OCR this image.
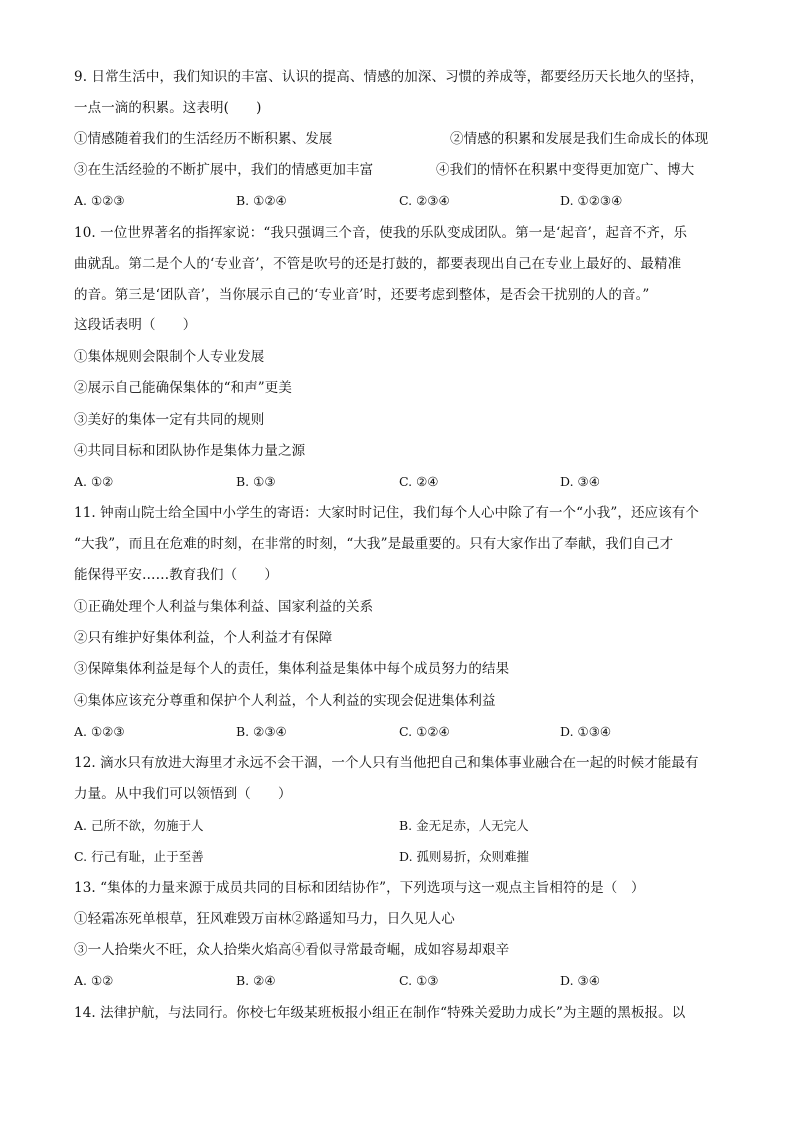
9. 日常生活中，我们知识的丰富、认识的提高、情感的加深、习惯的养成等，都要经历天长地久的坚持，
一点一滴的积累。这表明(　　)
①情感随着我们的生活经历不断积累、发展	②情感的积累和发展是我们生命成长的体现
③在生活经验的不断扩展中，我们的情感更加丰富	④我们的情怀在积累中变得更加宽广、博大
A. ①②③	B. ①②④	C. ②③④	D. ①②③④
10. 一位世界著名的指挥家说：“我只强调三个音，使我的乐队变成团队。第一是‘起音’，起音不齐，乐
曲就乱。第二是个人的‘专业音’，不管是吹号的还是打鼓的，都要表现出自己在专业上最好的、最精准
的音。第三是‘团队音’，当你展示自己的‘专业音’时，还要考虑到整体，是否会干扰别的人的音。”
这段话表明（　　）
①集体规则会限制个人专业发展
②展示自己能确保集体的“和声”更美
③美好的集体一定有共同的规则
④共同目标和团队协作是集体力量之源
A. ①②	B. ①③	C. ②④	D. ③④
11. 钟南山院士给全国中小学生的寄语：大家时时记住，我们每个人心中除了有一个“小我”，还应该有个
“大我”，而且在危难的时刻，在非常的时刻，“大我”是最重要的。只有大家作出了奉献，我们自己才
能保得平安……教育我们（　　）
①正确处理个人利益与集体利益、国家利益的关系
②只有维护好集体利益，个人利益才有保障
③保障集体利益是每个人的责任，集体利益是集体中每个成员努力的结果
④集体应该充分尊重和保护个人利益，个人利益的实现会促进集体利益
A. ①②③	B. ②③④	C. ①②④	D. ①③④
12. 滴水只有放进大海里才永远不会干涸，一个人只有当他把自己和集体事业融合在一起的时候才能最有
力量。从中我们可以领悟到（　　）
A. 己所不欲，勿施于人	B. 金无足赤，人无完人
C. 行己有耻，止于至善	D. 孤则易折，众则难摧
13. “集体的力量来源于成员共同的目标和团结协作”，下列选项与这一观点主旨相符的是（　）
①轻霜冻死单根草，狂风难毁万亩林②路遥知马力，日久见人心
③一人拾柴火不旺，众人拾柴火焰高④看似寻常最奇崛，成如容易却艰辛
A. ①②	B. ②④	C. ①③	D. ③④
14. 法律护航，与法同行。你校七年级某班板报小组正在制作“特殊关爱助力成长”为主题的黑板报。以
